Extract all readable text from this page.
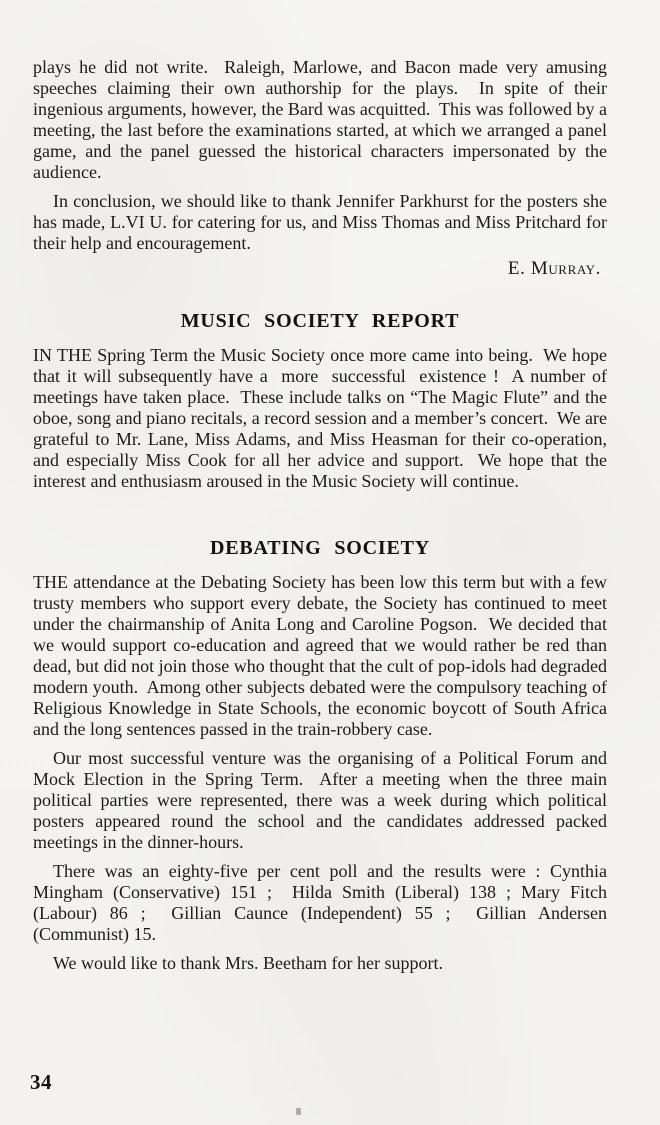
plays he did not write.  Raleigh, Marlowe, and Bacon made very amusing speeches claiming their own authorship for the plays.  In spite of their ingenious arguments, however, the Bard was acquitted.  This was followed by a meeting, the last before the examinations started, at which we arranged a panel game, and the panel guessed the historical characters impersonated by the audience.

In conclusion, we should like to thank Jennifer Parkhurst for the posters she has made, L.VI U. for catering for us, and Miss Thomas and Miss Pritchard for their help and encouragement.

E. Murray.

MUSIC SOCIETY REPORT

IN THE Spring Term the Music Society once more came into being.  We hope that it will subsequently have a  more  successful  existence !  A number of meetings have taken place.  These include talks on “The Magic Flute” and the oboe, song and piano recitals, a record session and a member’s concert.  We are grateful to Mr. Lane, Miss Adams, and Miss Heasman for their co-operation, and especially Miss Cook for all her advice and support.  We hope that the interest and enthusiasm aroused in the Music Society will continue.

DEBATING SOCIETY

THE attendance at the Debating Society has been low this term but with a few trusty members who support every debate, the Society has continued to meet under the chairmanship of Anita Long and Caroline Pogson.  We decided that we would support co-education and agreed that we would rather be red than dead, but did not join those who thought that the cult of pop-idols had degraded modern youth.  Among other subjects debated were the compulsory teaching of Religious Knowledge in State Schools, the economic boycott of South Africa and the long sentences passed in the train-robbery case.

Our most successful venture was the organising of a Political Forum and Mock Election in the Spring Term.  After a meeting when the three main political parties were represented, there was a week during which political posters appeared round the school and the candidates addressed packed meetings in the dinner-hours.

There was an eighty-five per cent poll and the results were : Cynthia Mingham (Conservative) 151 ;  Hilda Smith (Liberal) 138 ; Mary Fitch (Labour) 86 ;  Gillian Caunce (Independent) 55 ;  Gillian Andersen (Communist) 15.

We would like to thank Mrs. Beetham for her support.

34
